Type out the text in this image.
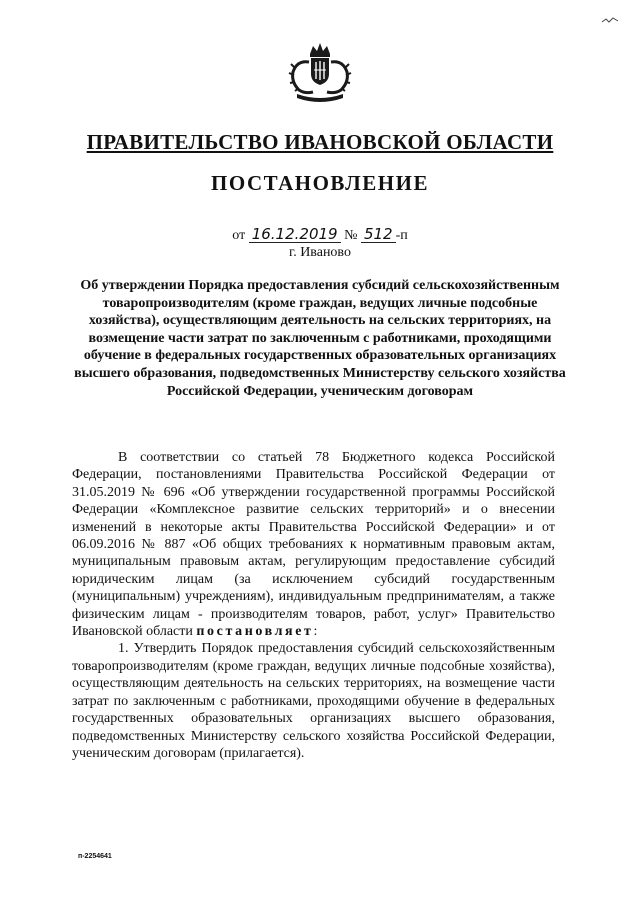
ПРАВИТЕЛЬСТВО ИВАНОВСКОЙ ОБЛАСТИ
ПОСТАНОВЛЕНИЕ
от 16.12.2019 № 512 -п
г. Иваново
Об утверждении Порядка предоставления субсидий сельскохозяйственным товаропроизводителям (кроме граждан, ведущих личные подсобные хозяйства), осуществляющим деятельность на сельских территориях, на возмещение части затрат по заключенным с работниками, проходящими обучение в федеральных государственных образовательных организациях высшего образования, подведомственных Министерству сельского хозяйства Российской Федерации, ученическим договорам

В соответствии со статьей 78 Бюджетного кодекса Российской Федерации, постановлениями Правительства Российской Федерации от 31.05.2019 № 696 «Об утверждении государственной программы Российской Федерации «Комплексное развитие сельских территорий» и о внесении изменений в некоторые акты Правительства Российской Федерации» и от 06.09.2016 № 887 «Об общих требованиях к нормативным правовым актам, муниципальным правовым актам, регулирующим предоставление субсидий юридическим лицам (за исключением субсидий государственным (муниципальным) учреждениям), индивидуальным предпринимателям, а также физическим лицам - производителям товаров, работ, услуг» Правительство Ивановской области постановляет:

1. Утвердить Порядок предоставления субсидий сельскохозяйственным товаропроизводителям (кроме граждан, ведущих личные подсобные хозяйства), осуществляющим деятельность на сельских территориях, на возмещение части затрат по заключенным с работниками, проходящими обучение в федеральных государственных образовательных организациях высшего образования, подведомственных Министерству сельского хозяйства Российской Федерации, ученическим договорам (прилагается).

п-2254641
